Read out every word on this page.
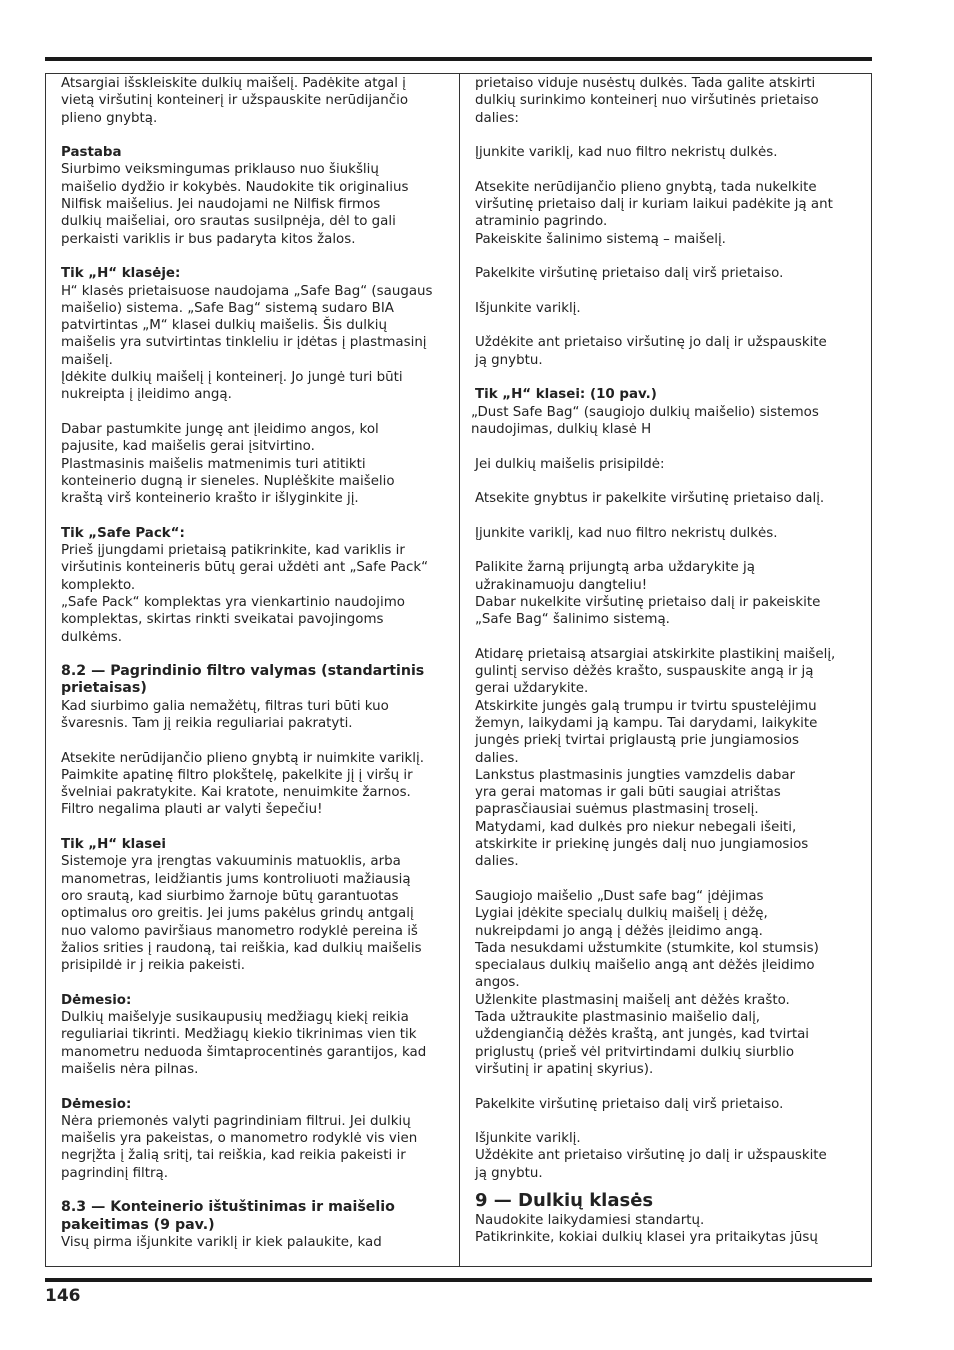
Atsargiai išskleiskite dulkių maišelį. Padėkite atgal į
vietą viršutinį konteinerį ir užspauskite nerūdijančio
plieno gnybtą.

Pastaba

Siurbimo veiksmingumas priklauso nuo šiukšlių
maišelio dydžio ir kokybės. Naudokite tik originalius
Nilfisk maišelius. Jei naudojami ne Nilfisk firmos
dulkių maišeliai, oro srautas susilpnėja, dėl to gali
perkaisti variklis ir bus padaryta kitos žalos.

Tik „H“ klasėje:

H“ klasės prietaisuose naudojama „Safe Bag“ (saugaus
maišelio) sistema. „Safe Bag“ sistemą sudaro BIA
patvirtintas „M“ klasei dulkių maišelis. Šis dulkių
maišelis yra sutvirtintas tinkleliu ir įdėtas į plastmasinį
maišelį.
Įdėkite dulkių maišelį į konteinerį. Jo jungė turi būti
nukreipta į įleidimo angą.

Dabar pastumkite jungę ant įleidimo angos, kol
pajusite, kad maišelis gerai įsitvirtino.
Plastmasinis maišelis matmenimis turi atitikti
konteinerio dugną ir sieneles. Nuplėškite maišelio
kraštą virš konteinerio krašto ir išlyginkite jį.

Tik „Safe Pack“:

Prieš įjungdami prietaisą patikrinkite, kad variklis ir
viršutinis konteineris būtų gerai uždėti ant „Safe Pack“
komplekto.

„Safe Pack“ komplektas yra vienkartinio naudojimo
komplektas, skirtas rinkti sveikatai pavojingoms
dulkėms.

8.2 — Pagrindinio filtro valymas (standartinis
prietaisas)

Kad siurbimo galia nemažėtų, filtras turi būti kuo
švaresnis. Tam jį reikia reguliariai pakratyti.

Atsekite nerūdijančio plieno gnybtą ir nuimkite variklį.
Paimkite apatinę filtro plokštelę, pakelkite jį į viršų ir
švelniai pakratykite. Kai kratote, nenuimkite žarnos.
Filtro negalima plauti ar valyti šepečiu!

Tik „H“ klasei

Sistemoje yra įrengtas vakuuminis matuoklis, arba
manometras, leidžiantis jums kontroliuoti mažiausią
oro srautą, kad siurbimo žarnoje būtų garantuotas
optimalus oro greitis. Jei jums pakėlus grindų antgalį
nuo valomo paviršiaus manometro rodyklė pereina iš
žalios srities į raudoną, tai reiškia, kad dulkių maišelis
prisipildė ir j reikia pakeisti.

Dėmesio:

Dulkių maišelyje susikaupusių medžiagų kiekį reikia
reguliariai tikrinti. Medžiagų kiekio tikrinimas vien tik
manometru neduoda šimtaprocentinės garantijos, kad
maišelis nėra pilnas.

Dėmesio:

Nėra priemonės valyti pagrindiniam filtrui. Jei dulkių
maišelis yra pakeistas, o manometro rodyklė vis vien
negrįžta į žalią sritį, tai reiškia, kad reikia pakeisti ir
pagrindinį filtrą.

8.3 — Konteinerio ištuštinimas ir maišelio
pakeitimas (9 pav.)

Visų pirma išjunkite variklį ir kiek palaukite, kad

prietaiso viduje nusėstų dulkės. Tada galite atskirti
dulkių surinkimo konteinerį nuo viršutinės prietaiso
dalies:

Įjunkite variklį, kad nuo filtro nekristų dulkės.

Atsekite nerūdijančio plieno gnybtą, tada nukelkite
viršutinę prietaiso dalį ir kuriam laikui padėkite ją ant
atraminio pagrindo.
Pakeiskite šalinimo sistemą – maišelį.

Pakelkite viršutinę prietaiso dalį virš prietaiso.

Išjunkite variklį.

Uždėkite ant prietaiso viršutinę jo dalį ir užspauskite
ją gnybtu.

Tik „H“ klasei: (10 pav.)

„Dust Safe Bag“ (saugiojo dulkių maišelio) sistemos
naudojimas, dulkių klasė H

Jei dulkių maišelis prisipildė:

Atsekite gnybtus ir pakelkite viršutinę prietaiso dalį.

Įjunkite variklį, kad nuo filtro nekristų dulkės.

Palikite žarną prijungtą arba uždarykite ją
užrakinamuoju dangteliu!
Dabar nukelkite viršutinę prietaiso dalį ir pakeiskite
„Safe Bag“ šalinimo sistemą.

Atidarę prietaisą atsargiai atskirkite plastikinį maišelį,
gulintį serviso dėžės krašto, suspauskite angą ir ją
gerai uždarykite.
Atskirkite jungės galą trumpu ir tvirtu spustelėjimu
žemyn, laikydami ją kampu. Tai darydami, laikykite
jungės priekį tvirtai priglaustą prie jungiamosios
dalies.
Lankstus plastmasinis jungties vamzdelis dabar
yra gerai matomas ir gali būti saugiai atrištas
paprasčiausiai suėmus plastmasinį troselį.
Matydami, kad dulkės pro niekur nebegali išeiti,
atskirkite ir priekinę jungės dalį nuo jungiamosios
dalies.

Saugiojo maišelio „Dust safe bag“ įdėjimas
Lygiai įdėkite specialų dulkių maišelį į dėžę,
nukreipdami jo angą į dėžės įleidimo angą.
Tada nesukdami užstumkite (stumkite, kol stumsis)
specialaus dulkių maišelio angą ant dėžės įleidimo
angos.
Užlenkite plastmasinį maišelį ant dėžės krašto.
Tada užtraukite plastmasinio maišelio dalį,
uždengiančią dėžės kraštą, ant jungės, kad tvirtai
priglustų (prieš vėl pritvirtindami dulkių siurblio
viršutinį ir apatinį skyrius).

Pakelkite viršutinę prietaiso dalį virš prietaiso.

Išjunkite variklį.
Uždėkite ant prietaiso viršutinę jo dalį ir užspauskite
ją gnybtu.

9 — Dulkių klasės

Naudokite laikydamiesi standartų.
Patikrinkite, kokiai dulkių klasei yra pritaikytas jūsų

146
